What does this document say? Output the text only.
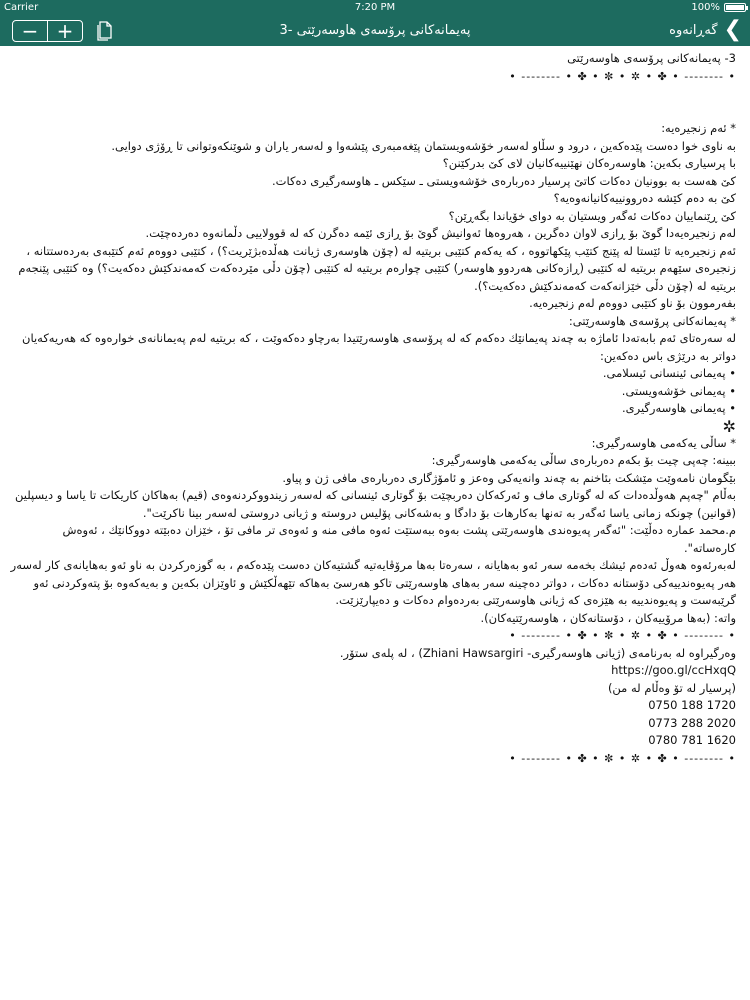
Carrier	7:20 PM	100%
− +	3- پەیمانەکانی پرۆسەی هاوسەرێتی	گەڕانەوە ❮

3- پەیمانەکانی پرۆسەی هاوسەرێتی

• -------- • ✤ • ✲ • ✼ • ✤ • -------- •

* ئەم زنجیرەیە:

بە ناوی خوا دەست پێدەکەین ، درود و سڵاو لەسەر خۆشەویستمان پێغەمبەری پێشەوا و لەسەر یاران و شوێنکەوتوانی تا ڕۆژی دوایی.

با پرسیاری بکەین: هاوسەرەکان نهێنییەکانیان لای کێ بدرکێنن؟

کێ هەست بە بوونیان دەکات کاتێ پرسیار دەربارەی خۆشەویستی ـ سێکس ـ هاوسەرگیری دەکات.

کێ بە دەم کێشە دەروونییەکانیانەوەیە؟

کێ ڕێنماییان دەکات ئەگەر ویستیان بە دوای خۆیاندا بگەڕێن؟

لەم زنجیرەیەدا گوێ بۆ ڕازی لاوان دەگرین ، هەروەها ئەوانیش گوێ بۆ ڕازی ئێمە دەگرن کە لە قوولاییی دڵمانەوە دەردەچێت.

ئەم زنجیرەیە تا ئێستا لە پێنج کتێب پێکهاتووە ، کە یەکەم کتێبی بریتیە لە (چۆن هاوسەری ژیانت هەڵدەبژێریت؟) ، کتێبی دووەم ئەم کتێبەی بەردەستتانە ، زنجیرەی سێهەم بریتیە لە کتێبی (ڕازەکانی هەردوو هاوسەر) کتێبی چوارەم بریتیە لە کتێبی (چۆن دڵی مێردەکەت کەمەندکێش دەکەیت؟) وە کتێبی پێنجەم بریتیە لە (چۆن دڵی خێزانەکەت کەمەندکێش دەکەیت؟).

بفەرموون بۆ ناو کتێبی دووەم لەم زنجیرەیە.

* پەیمانەکانی پرۆسەی هاوسەرێتی:

لە سەرەتای ئەم بابەتەدا ئاماژە بە چەند پەیمانێك دەکەم کە لە پرۆسەی هاوسەرێتیدا بەرچاو دەکەوێت ، کە بریتیە لەم پەیمانانەی خوارەوە کە هەریەکەیان دواتر بە درێژی باس دەکەین:

• پەیمانی ئینسانی ئیسلامی.

• پەیمانی خۆشەویستی.

• پەیمانی هاوسەرگیری.

✲

* ساڵی یەکەمی هاوسەرگیری:

ببینە: چەپی چیت بۆ بکەم دەربارەی ساڵی یەکەمی هاوسەرگیری:

بێگومان نامەوێت مێشکت بئاخنم بە چەند وانەیەکی وەعز و ئامۆژگاری دەربارەی مافی ژن و پیاو.

بەڵام "چەپم هەوڵدەدات کە لە گوتاری ماف و ئەرکەکان دەربچێت بۆ گوتاری ئینسانی کە لەسەر زیندووکردنەوەی (قیم) بەهاکان کاریکات تا یاسا و دیسپلین (قوانین) چونکە زمانی یاسا ئەگەر بە تەنها بەکارهات بۆ دادگا و بەشەکانی پۆلیس دروستە و ژیانی دروستی لەسەر بینا ناکرێت".

م.محمد عمارە دەڵێت: "ئەگەر پەیوەندی هاوسەرێتی پشت بەوە ببەستێت ئەوە مافی منە و ئەوەی تر مافی تۆ ، خێزان دەبێتە دووکانێك ، ئەوەش کارەساتە".

لەبەرئەوە هەوڵ ئەدەم ئیشك بخەمە سەر ئەو بەهایانە ، سەرەتا بەها مرۆڤایەتیە گشتیەکان دەست پێدەکەم ، بە گوزەرکردن بە ناو ئەو بەهایانەی کار لەسەر هەر پەیوەندییەکی دۆستانە دەکات ، دواتر دەچینە سەر بەهای هاوسەرێتی تاکو هەرسێ بەهاکە تێهەڵکێش و ئاوێزان بکەین و بەیەکەوە بۆ پتەوکردنی ئەو گرێبەست و پەیوەندییە بە هێزەی کە ژیانی هاوسەرێتی بەردەوام دەکات و دەیپارێزێت.

واتە: (بەها مرۆییەکان ، دۆستانەکان ، هاوسەرێتیەکان).

• -------- • ✤ • ✲ • ✼ • ✤ • -------- •

وەرگیراوە لە بەرنامەی (ژیانی هاوسەرگیری- Zhiani Hawsargiri) ، لە پلەی ستۆر.

https://goo.gl/ccHxqQ

(پرسیار لە تۆ وەڵام لە من)

0750 188 1720

0773 288 2020

0780 781 1620

• -------- • ✤ • ✲ • ✼ • ✤ • -------- •
